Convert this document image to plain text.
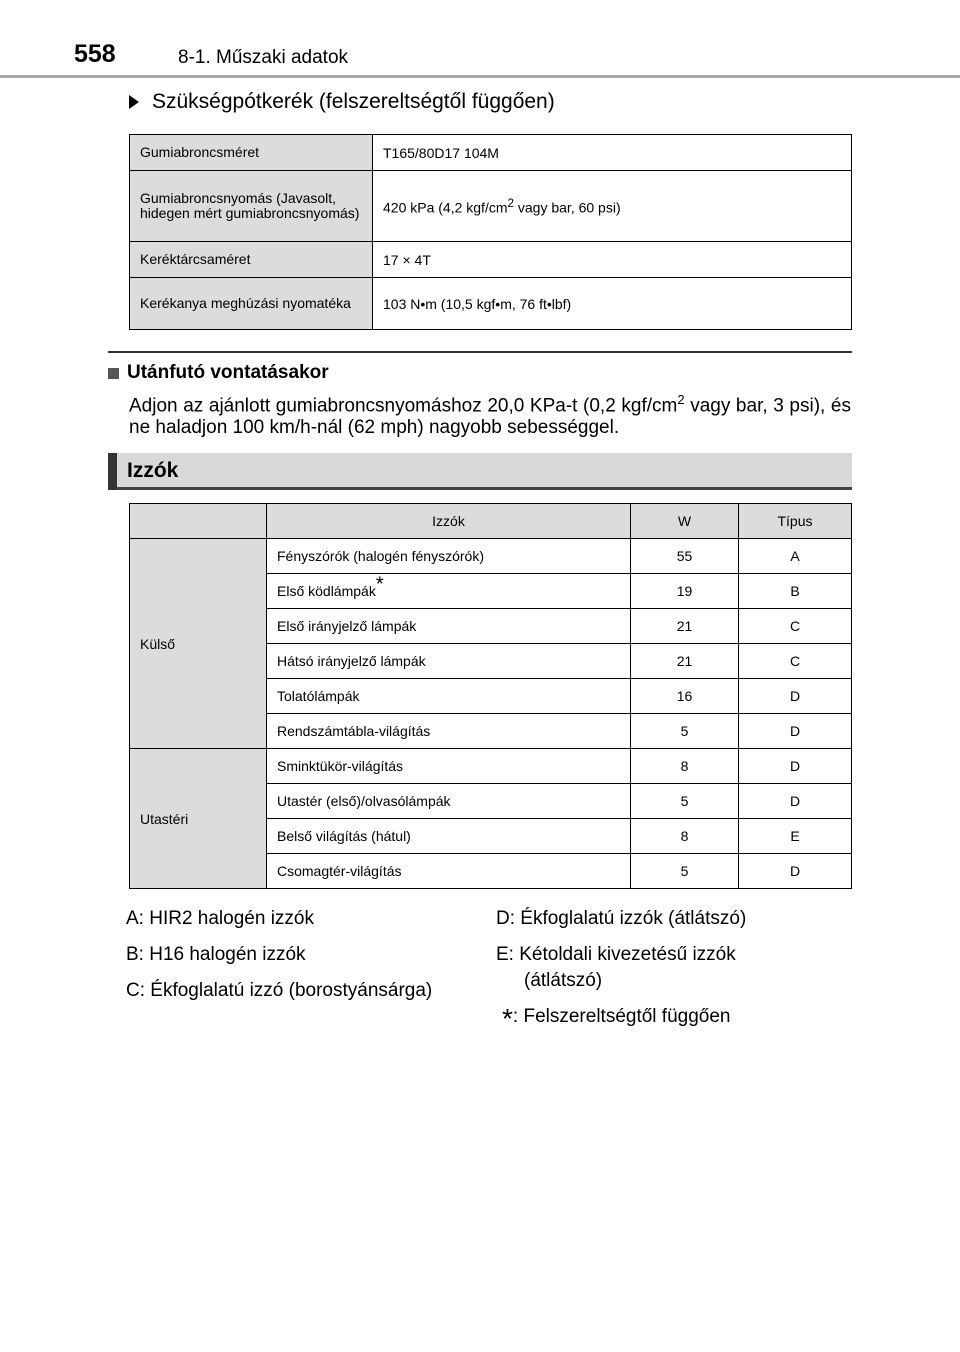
558	8-1. Műszaki adatok
Szükségpótkerék (felszereltségtől függően)
Gumiabroncsméret	T165/80D17 104M
Gumiabroncsnyomás (Javasolt, hidegen mért gumiabroncsnyomás)	420 kPa (4,2 kgf/$cm^2$ vagy bar, 60 psi)
Keréktárcsaméret	17 × 4T
Kerékanya meghúzási nyomatéka	103 N•m (10,5 kgf•m, 76 ft•lbf)
Utánfutó vontatásakor
Adjon az ajánlott gumiabroncsnyomáshoz 20,0 KPa-t (0,2 kgf/$cm^2$ vagy bar, 3 psi), és ne haladjon 100 km/h-nál (62 mph) nagyobb sebességgel.
Izzók
	Izzók	W	Típus
Külső	Fényszórók (halogén fényszórók)	55	A
	Első ködlámpák*	19	B
	Első irányjelző lámpák	21	C
	Hátsó irányjelző lámpák	21	C
	Tolatólámpák	16	D
	Rendszámtábla-világítás	5	D
Utastéri	Sminktükör-világítás	8	D
	Utastér (első)/olvasólámpák	5	D
	Belső világítás (hátul)	8	E
	Csomagtér-világítás	5	D
A: HIR2 halogén izzók
B: H16 halogén izzók
C: Ékfoglalatú izzó (borostyánsárga)
D: Ékfoglalatú izzók (átlátszó)
E: Kétoldali kivezetésű izzók
(átlátszó)
*: Felszereltségtől függően
